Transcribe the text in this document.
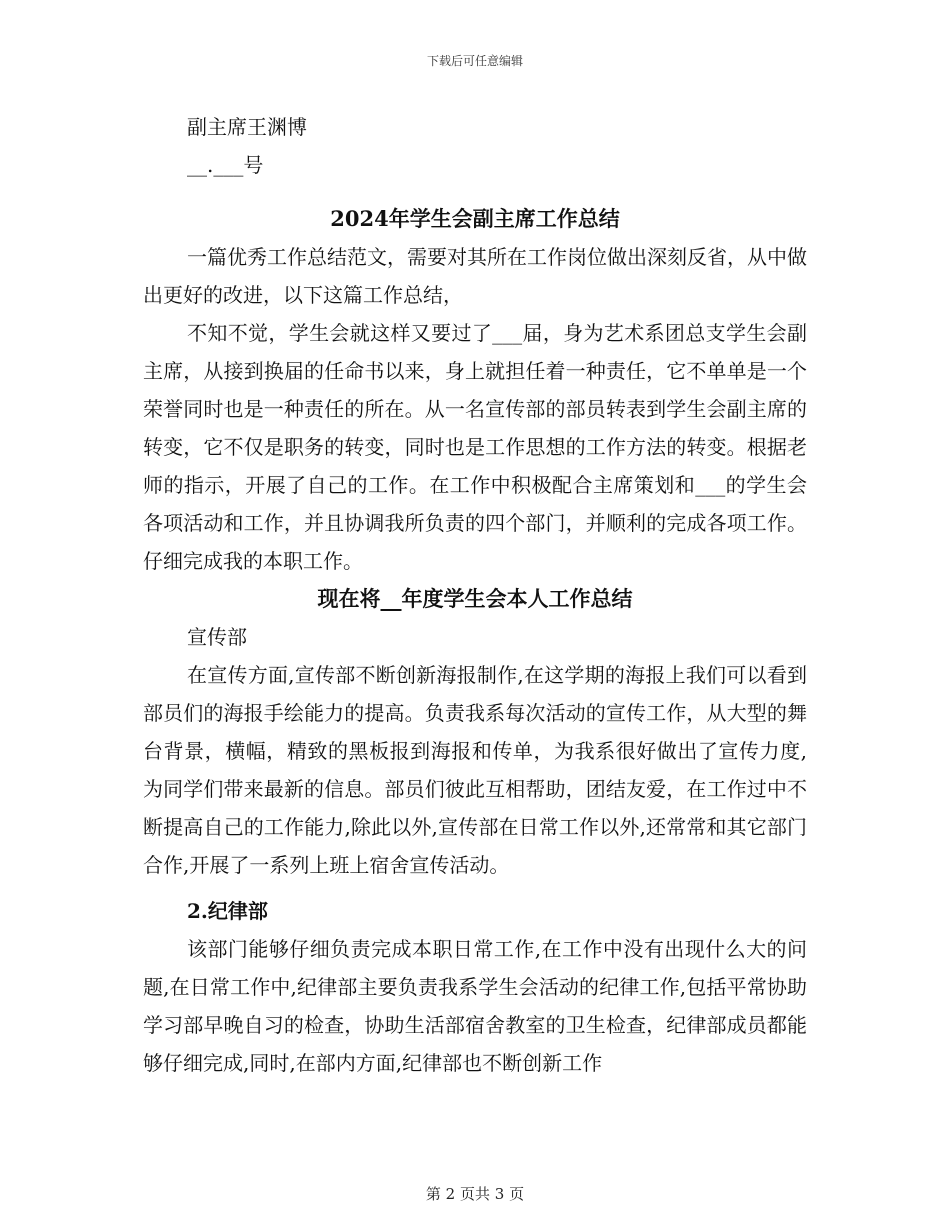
下载后可任意编辑
副主席王渊博
__.___号
2024年学生会副主席工作总结

一篇优秀工作总结范文，需要对其所在工作岗位做出深刻反省，从中做出更好的改进，以下这篇工作总结，

不知不觉，学生会就这样又要过了___届，身为艺术系团总支学生会副主席，从接到换届的任命书以来，身上就担任着一种责任，它不单单是一个荣誉同时也是一种责任的所在。从一名宣传部的部员转表到学生会副主席的转变，它不仅是职务的转变，同时也是工作思想的工作方法的转变。根据老师的指示，开展了自己的工作。在工作中积极配合主席策划和___的学生会各项活动和工作，并且协调我所负责的四个部门，并顺利的完成各项工作。仔细完成我的本职工作。

现在将__年度学生会本人工作总结
宣传部

在宣传方面,宣传部不断创新海报制作,在这学期的海报上我们可以看到部员们的海报手绘能力的提高。负责我系每次活动的宣传工作，从大型的舞台背景，横幅，精致的黑板报到海报和传单，为我系很好做出了宣传力度,为同学们带来最新的信息。部员们彼此互相帮助，团结友爱，在工作过中不断提高自己的工作能力,除此以外,宣传部在日常工作以外,还常常和其它部门合作,开展了一系列上班上宿舍宣传活动。

2.纪律部

该部门能够仔细负责完成本职日常工作,在工作中没有出现什么大的问题,在日常工作中,纪律部主要负责我系学生会活动的纪律工作,包括平常协助学习部早晚自习的检查，协助生活部宿舍教室的卫生检查，纪律部成员都能够仔细完成,同时,在部内方面,纪律部也不断创新工作

第 2 页共 3 页
